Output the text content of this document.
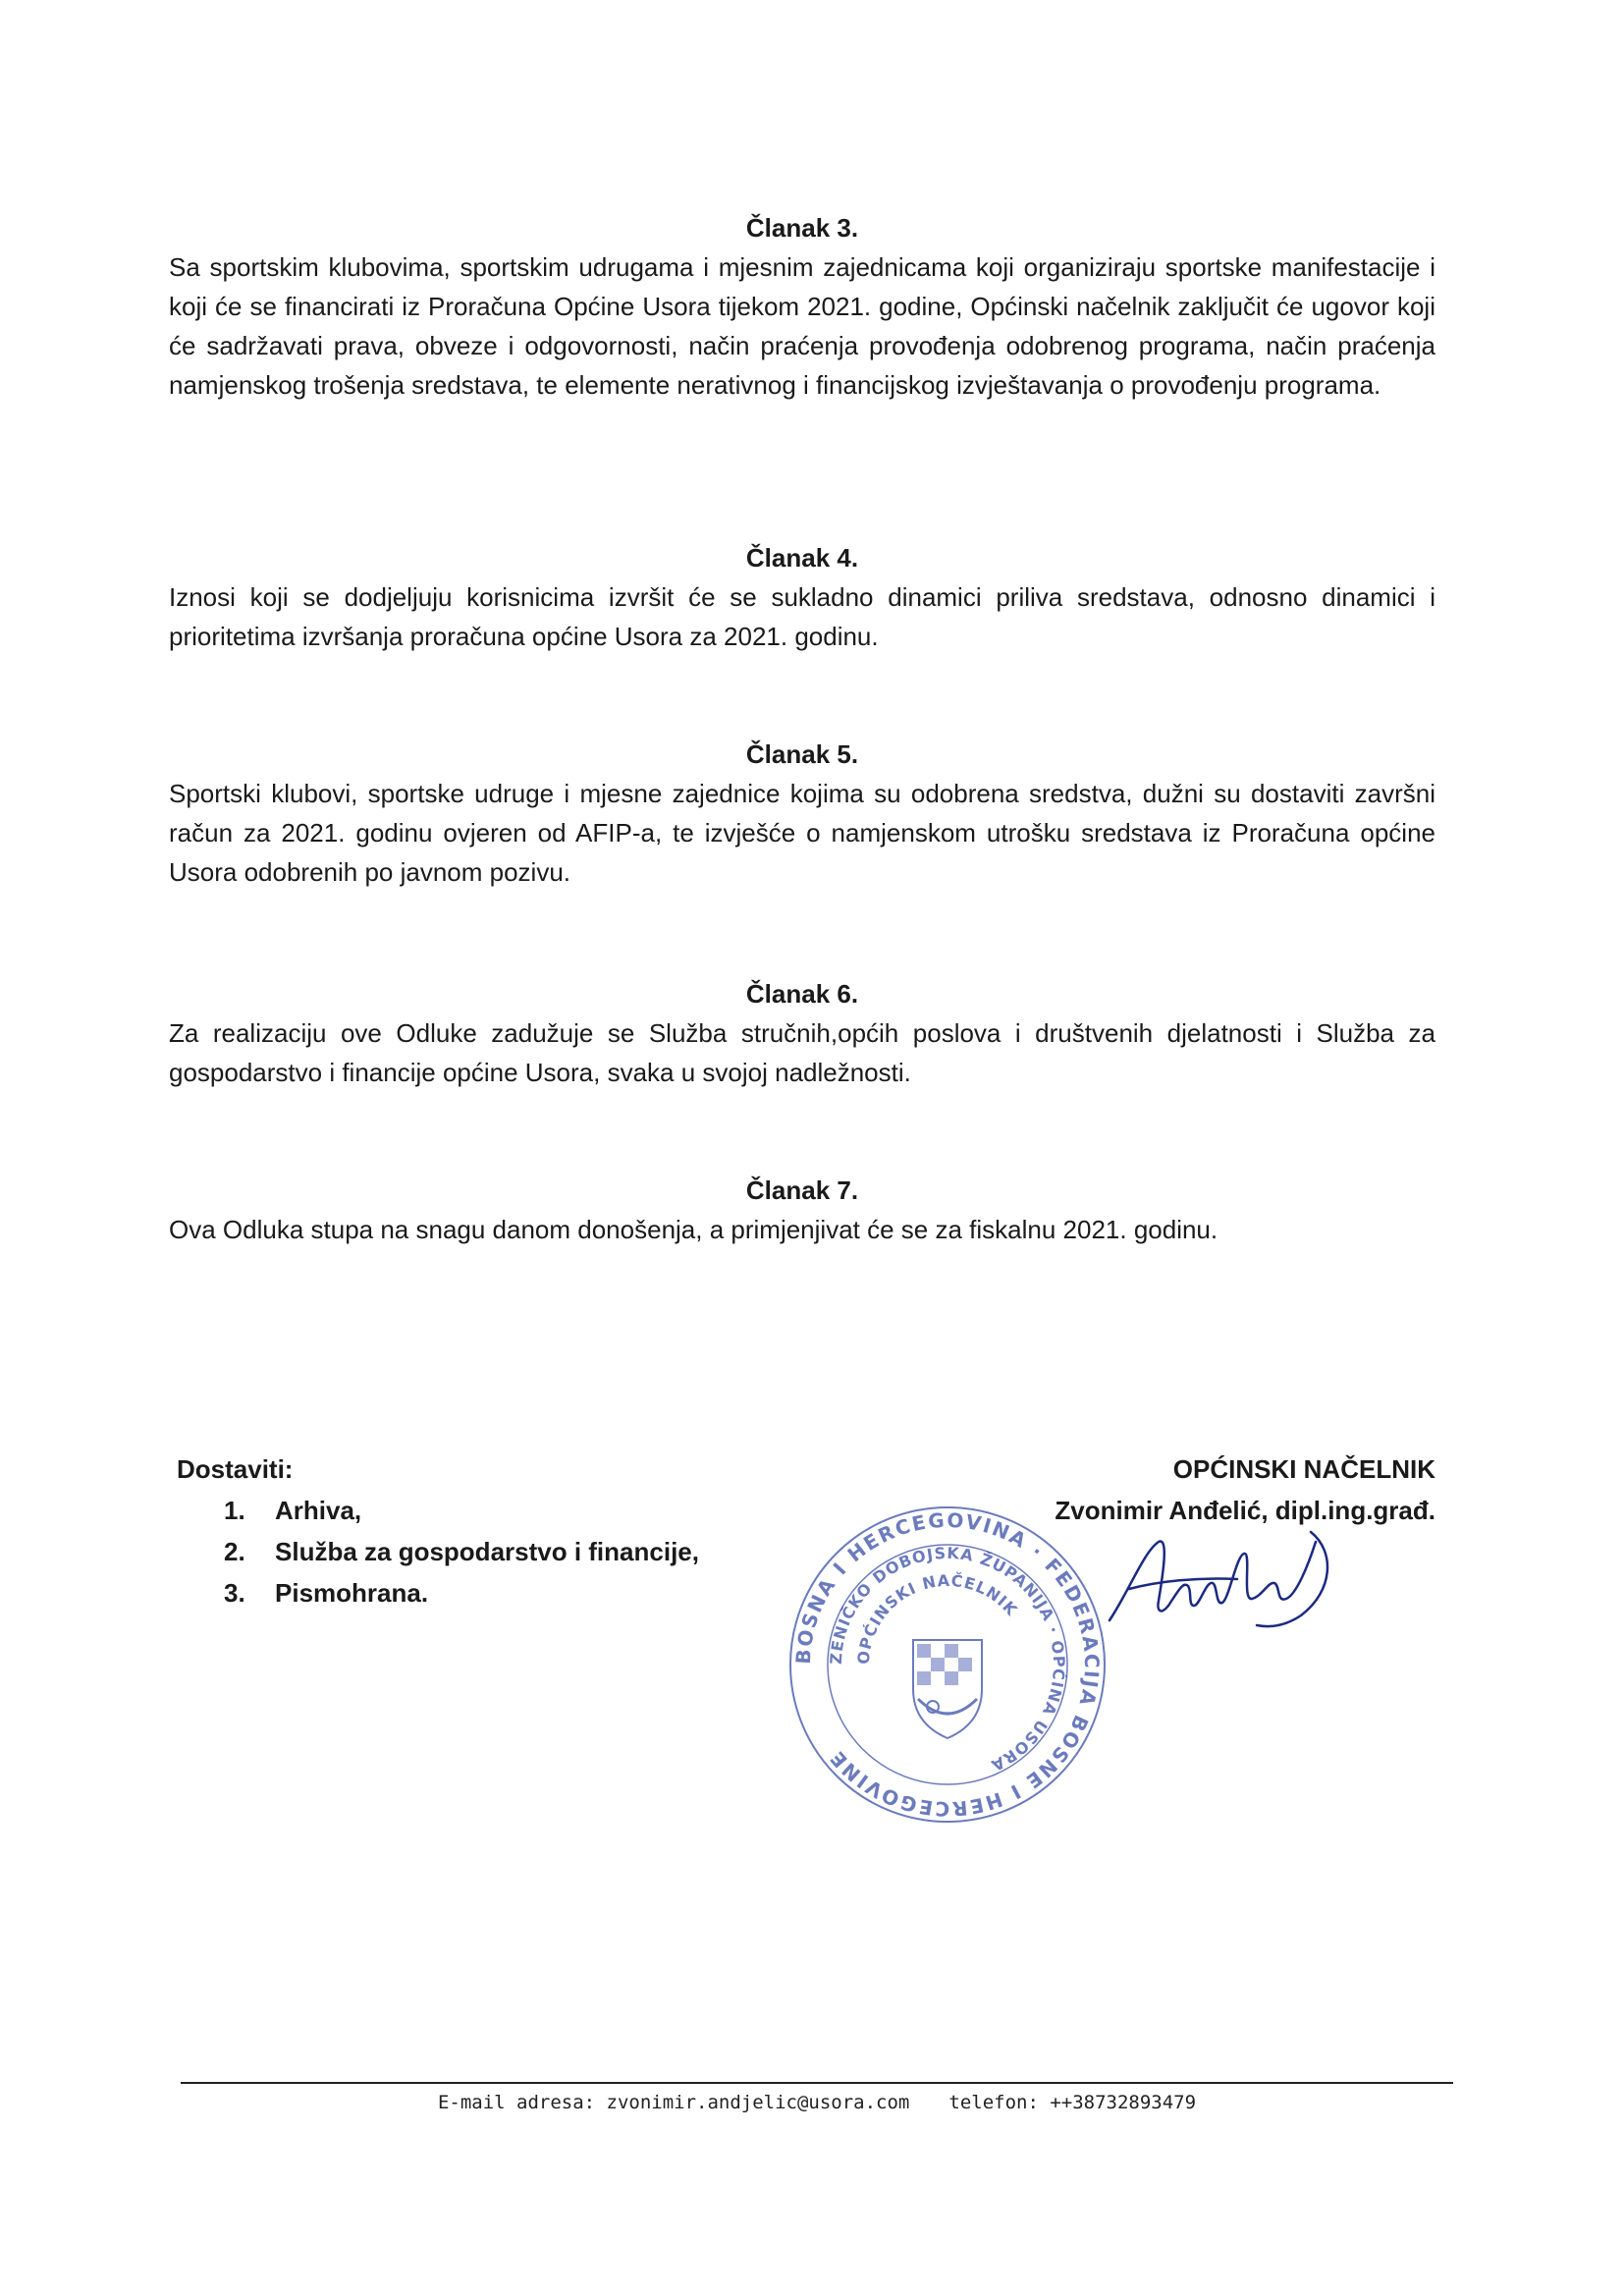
Članak 3.

Sa sportskim klubovima, sportskim udrugama i mjesnim zajednicama koji organiziraju sportske manifestacije i koji će se financirati iz Proračuna Općine Usora tijekom 2021. godine, Općinski načelnik zaključit će ugovor koji će sadržavati prava, obveze i odgovornosti, način praćenja provođenja odobrenog programa, način praćenja namjenskog trošenja sredstava, te elemente nerativnog i financijskog izvještavanja o provođenju programa.

Članak 4.

Iznosi koji se dodjeljuju korisnicima izvršit će se sukladno dinamici priliva sredstava, odnosno dinamici i prioritetima izvršanja proračuna općine Usora za 2021. godinu.

Članak 5.

Sportski klubovi, sportske udruge i mjesne zajednice kojima su odobrena sredstva, dužni su dostaviti završni račun za 2021. godinu ovjeren od AFIP-a, te izvješće o namjenskom utrošku sredstava iz Proračuna općine Usora odobrenih po javnom pozivu.

Članak 6.

Za realizaciju ove Odluke zadužuje se Služba stručnih,općih poslova i društvenih djelatnosti i Služba za gospodarstvo i financije općine Usora, svaka u svojoj nadležnosti.

Članak 7.

Ova Odluka stupa na snagu danom donošenja, a primjenjivat će se za fiskalnu 2021. godinu.

Dostaviti:
1.	Arhiva,
2.	Služba za gospodarstvo i financije,
3.	Pismohrana.
OPĆINSKI NAČELNIK
Zvonimir Anđelić, dipl.ing.građ.
BOSNA I HERCEGOVINA · FEDERACIJA BOSNE I HERCEGOVINE
ZENIČKO DOBOJSKA ŽUPANIJA · OPĆINA USORA
OPĆINSKI NAČELNIK
E-mail adresa: zvonimir.andjelic@usora.com telefon: ++38732893479
